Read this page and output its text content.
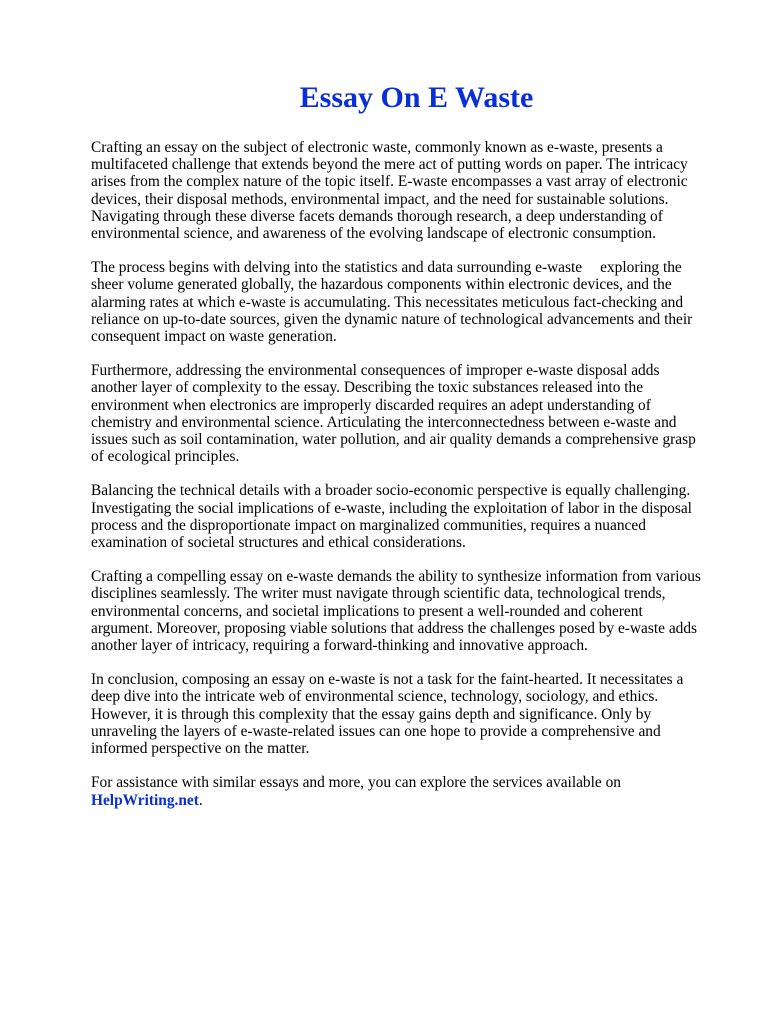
Essay On E Waste

Crafting an essay on the subject of electronic waste, commonly known as e-waste, presents a multifaceted challenge that extends beyond the mere act of putting words on paper. The intricacy arises from the complex nature of the topic itself. E-waste encompasses a vast array of electronic devices, their disposal methods, environmental impact, and the need for sustainable solutions. Navigating through these diverse facets demands thorough research, a deep understanding of environmental science, and awareness of the evolving landscape of electronic consumption.

The process begins with delving into the statistics and data surrounding e-waste exploring the sheer volume generated globally, the hazardous components within electronic devices, and the alarming rates at which e-waste is accumulating. This necessitates meticulous fact-checking and reliance on up-to-date sources, given the dynamic nature of technological advancements and their consequent impact on waste generation.

Furthermore, addressing the environmental consequences of improper e-waste disposal adds another layer of complexity to the essay. Describing the toxic substances released into the environment when electronics are improperly discarded requires an adept understanding of chemistry and environmental science. Articulating the interconnectedness between e-waste and issues such as soil contamination, water pollution, and air quality demands a comprehensive grasp of ecological principles.

Balancing the technical details with a broader socio-economic perspective is equally challenging. Investigating the social implications of e-waste, including the exploitation of labor in the disposal process and the disproportionate impact on marginalized communities, requires a nuanced examination of societal structures and ethical considerations.

Crafting a compelling essay on e-waste demands the ability to synthesize information from various disciplines seamlessly. The writer must navigate through scientific data, technological trends, environmental concerns, and societal implications to present a well-rounded and coherent argument. Moreover, proposing viable solutions that address the challenges posed by e-waste adds another layer of intricacy, requiring a forward-thinking and innovative approach.

In conclusion, composing an essay on e-waste is not a task for the faint-hearted. It necessitates a deep dive into the intricate web of environmental science, technology, sociology, and ethics. However, it is through this complexity that the essay gains depth and significance. Only by unraveling the layers of e-waste-related issues can one hope to provide a comprehensive and informed perspective on the matter.

For assistance with similar essays and more, you can explore the services available on
HelpWriting.net.
